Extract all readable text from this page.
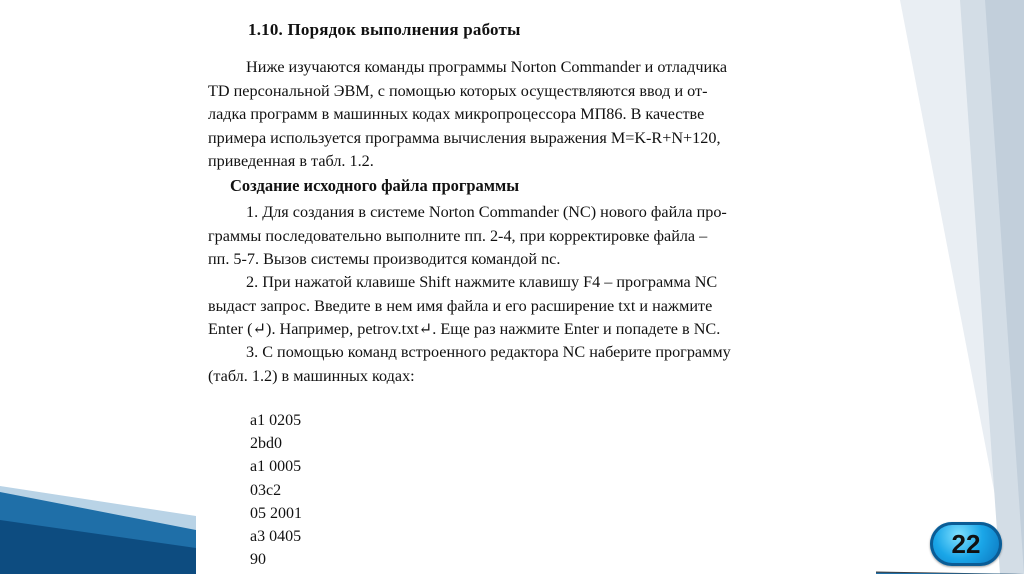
1.10. Порядок выполнения работы

Ниже изучаются команды программы Norton Commander и отладчика
TD персональной ЭВМ, с помощью которых осуществляются ввод и от-
ладка программ в машинных кодах микропроцессора МП86. В качестве
примера используется программа вычисления выражения M=K-R+N+120,
приведенная в табл. 1.2.

Создание исходного файла программы

1. Для создания в системе Norton Commander (NC) нового файла про-
граммы последовательно выполните пп. 2-4, при корректировке файла –
пп. 5-7. Вызов системы производится командой nc.

2. При нажатой клавише Shift нажмите клавишу F4 – программа NC
выдаст запрос. Введите в нем имя файла и его расширение txt и нажмите
Enter (↵). Например, petrov.txt↵. Еще раз нажмите Enter и попадете в NC.

3. С помощью команд встроенного редактора NC наберите программу
(табл. 1.2) в машинных кодах:

a1 0205
2bd0
a1 0005
03c2
05 2001
a3 0405
90
22
